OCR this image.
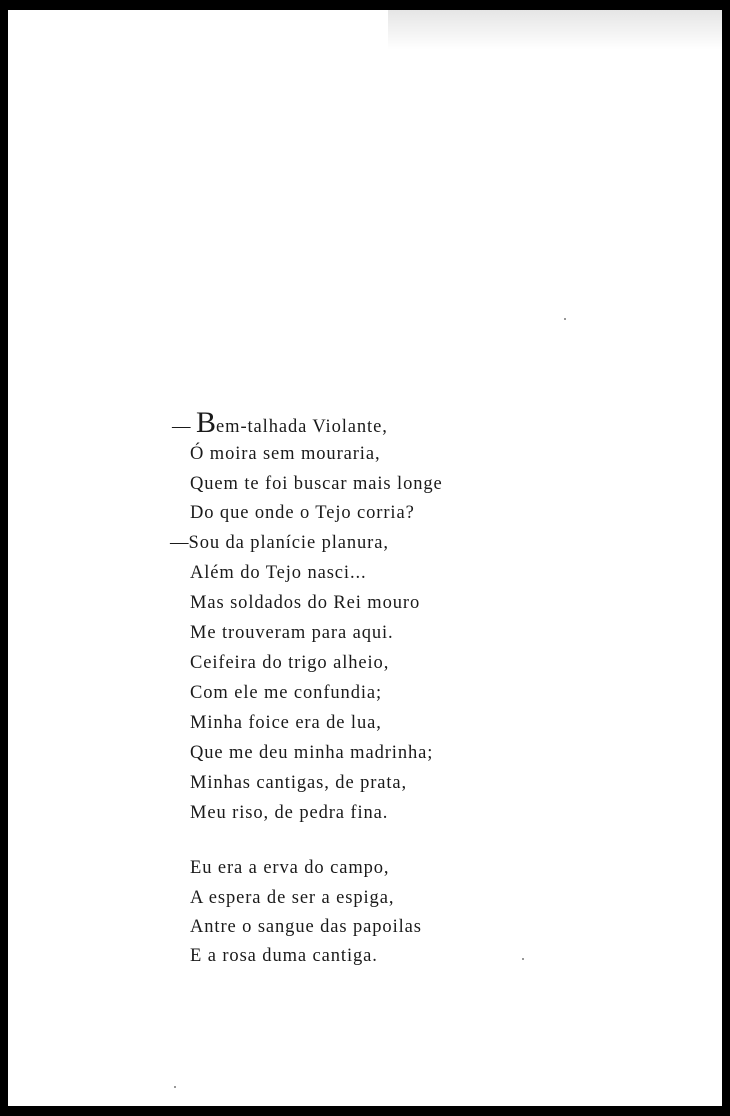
— Bem-talhada Violante,
Ó moira sem mouraria,
Quem te foi buscar mais longe
Do que onde o Tejo corria?
—Sou da planície planura,
Além do Tejo nasci...
Mas soldados do Rei mouro
Me trouveram para aqui.
Ceifeira do trigo alheio,
Com ele me confundia;
Minha foice era de lua,
Que me deu minha madrinha;
Minhas cantigas, de prata,
Meu riso, de pedra fina.
Eu era a erva do campo,
A espera de ser a espiga,
Antre o sangue das papoilas
E a rosa duma cantiga.
